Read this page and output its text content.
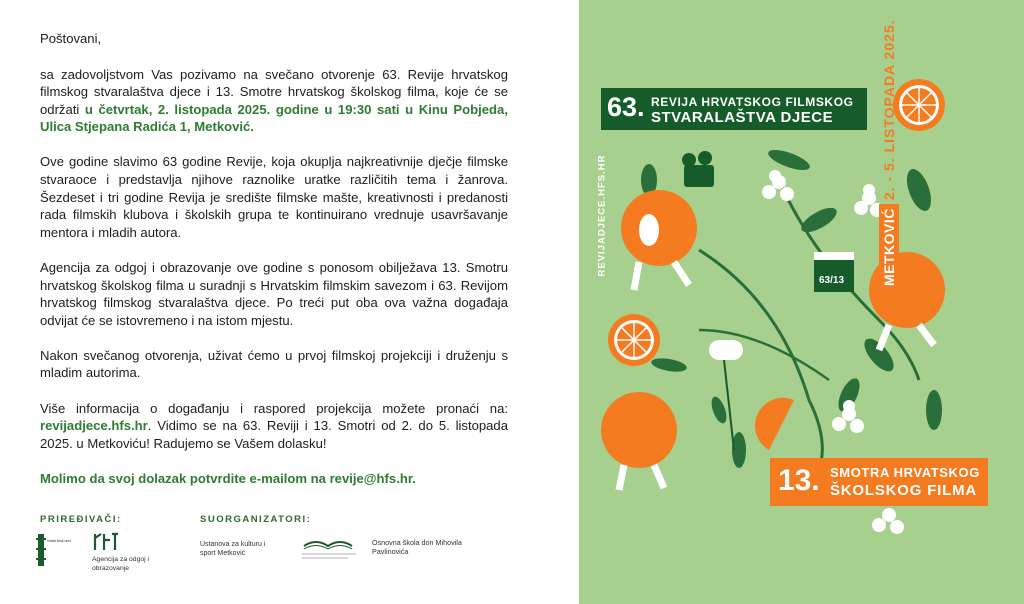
Poštovani,

sa zadovoljstvom Vas pozivamo na svečano otvorenje 63. Revije hrvatskog filmskog stvaralaštva djece i 13. Smotre hrvatskog školskog filma, koje će se održati u četvrtak, 2. listopada 2025. godine u 19:30 sati u Kinu Pobjeda, Ulica Stjepana Radića 1, Metković.

Ove godine slavimo 63 godine Revije, koja okuplja najkreativnije dječje filmske stvaraoce i predstavlja njihove raznolike uratke različitih tema i žanrova. Šezdeset i tri godine Revija je središte filmske mašte, kreativnosti i predanosti rada filmskih klubova i školskih grupa te kontinuirano vrednuje usavršavanje mentora i mladih autora.

Agencija za odgoj i obrazovanje ove godine s ponosom obilježava 13. Smotru hrvatskog školskog filma u suradnji s Hrvatskim filmskim savezom i 63. Revijom hrvatskog filmskog stvaralaštva djece. Po treći put oba ova važna događaja odvijat će se istovremeno i na istom mjestu.

Nakon svečanog otvorenja, uživat ćemo u prvoj filmskoj projekciji i druženju s mladim autorima.

Više informacija o događanju i raspored projekcija možete pronaći na: revijadjece.hfs.hr. Vidimo se na 63. Reviji i 13. Smotri od 2. do 5. listopada 2025. u Metkoviću! Radujemo se Vašem dolasku!

Molimo da svoj dolazak potvrdite e-mailom na revije@hfs.hr.
PRIREĐIVAČI:	SUORGANIZATORI:
Hrvatski filmski savez
Agencija za odgoj i obrazovanje
Ustanova za kulturu i sport Metković
Osnovna škola don Mihovila Pavlinovića
63/13
63. REVIJA HRVATSKOG FILMSKOG
STVARALAŠTVA DJECE
13. SMOTRA HRVATSKOG
ŠKOLSKOG FILMA
REVIJADJECE.HFS.HR	METKOVIĆ2. - 5. LISTOPADA 2025.
